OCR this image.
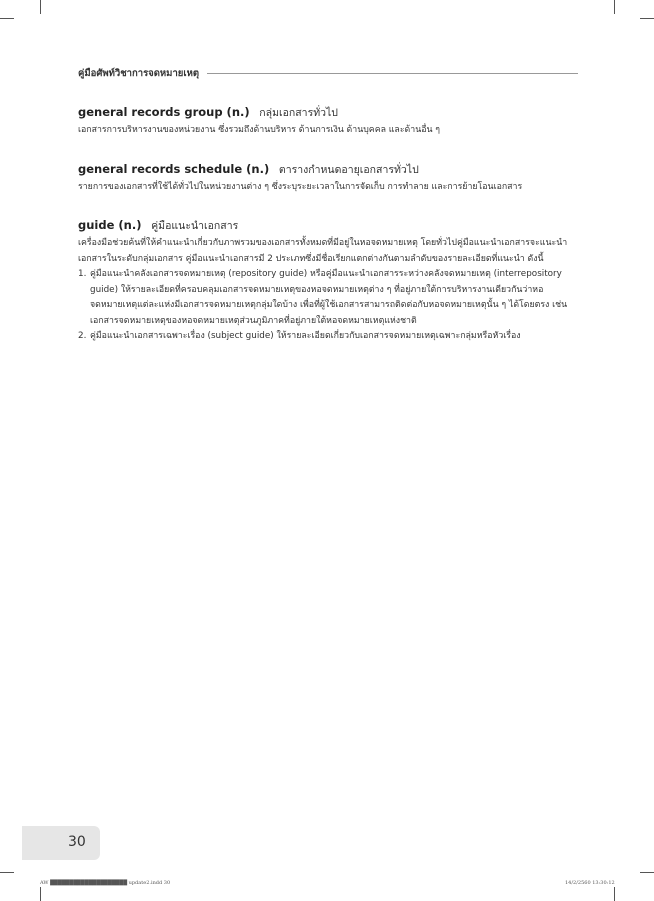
คู่มือศัพท์วิชาการจดหมายเหตุ
general records group (n.) กลุ่มเอกสารทั่วไป

เอกสารการบริหารงานของหน่วยงาน ซึ่งรวมถึงด้านบริหาร ด้านการเงิน ด้านบุคคล และด้านอื่น ๆ

general records schedule (n.) ตารางกำหนดอายุเอกสารทั่วไป

รายการของเอกสารที่ใช้ได้ทั่วไปในหน่วยงานต่าง ๆ ซึ่งระบุระยะเวลาในการจัดเก็บ การทำลาย และการย้ายโอนเอกสาร

guide (n.) คู่มือแนะนำเอกสาร

เครื่องมือช่วยค้นที่ให้คำแนะนำเกี่ยวกับภาพรวมของเอกสารทั้งหมดที่มีอยู่ในหอจดหมายเหตุ โดยทั่วไปคู่มือแนะนำเอกสารจะแนะนำเอกสารในระดับกลุ่มเอกสาร คู่มือแนะนำเอกสารมี 2 ประเภทซึ่งมีชื่อเรียกแตกต่างกันตามลำดับของรายละเอียดที่แนะนำ ดังนี้

1. คู่มือแนะนำคลังเอกสารจดหมายเหตุ (repository guide) หรือคู่มือแนะนำเอกสารระหว่างคลังจดหมายเหตุ (interrepository guide) ให้รายละเอียดที่ครอบคลุมเอกสารจดหมายเหตุของหอจดหมายเหตุต่าง ๆ ที่อยู่ภายใต้การบริหารงานเดียวกันว่าหอจดหมายเหตุแต่ละแห่งมีเอกสารจดหมายเหตุกลุ่มใดบ้าง เพื่อที่ผู้ใช้เอกสารสามารถติดต่อกับหอจดหมายเหตุนั้น ๆ ได้โดยตรง เช่น เอกสารจดหมายเหตุของหอจดหมายเหตุส่วนภูมิภาคที่อยู่ภายใต้หอจดหมายเหตุแห่งชาติ
2. คู่มือแนะนำเอกสารเฉพาะเรื่อง (subject guide) ให้รายละเอียดเกี่ยวกับเอกสารจดหมายเหตุเฉพาะกลุ่มหรือหัวเรื่อง
30
AW ████████████████████ update2.indd 30	14/2/2560 13:30:12
